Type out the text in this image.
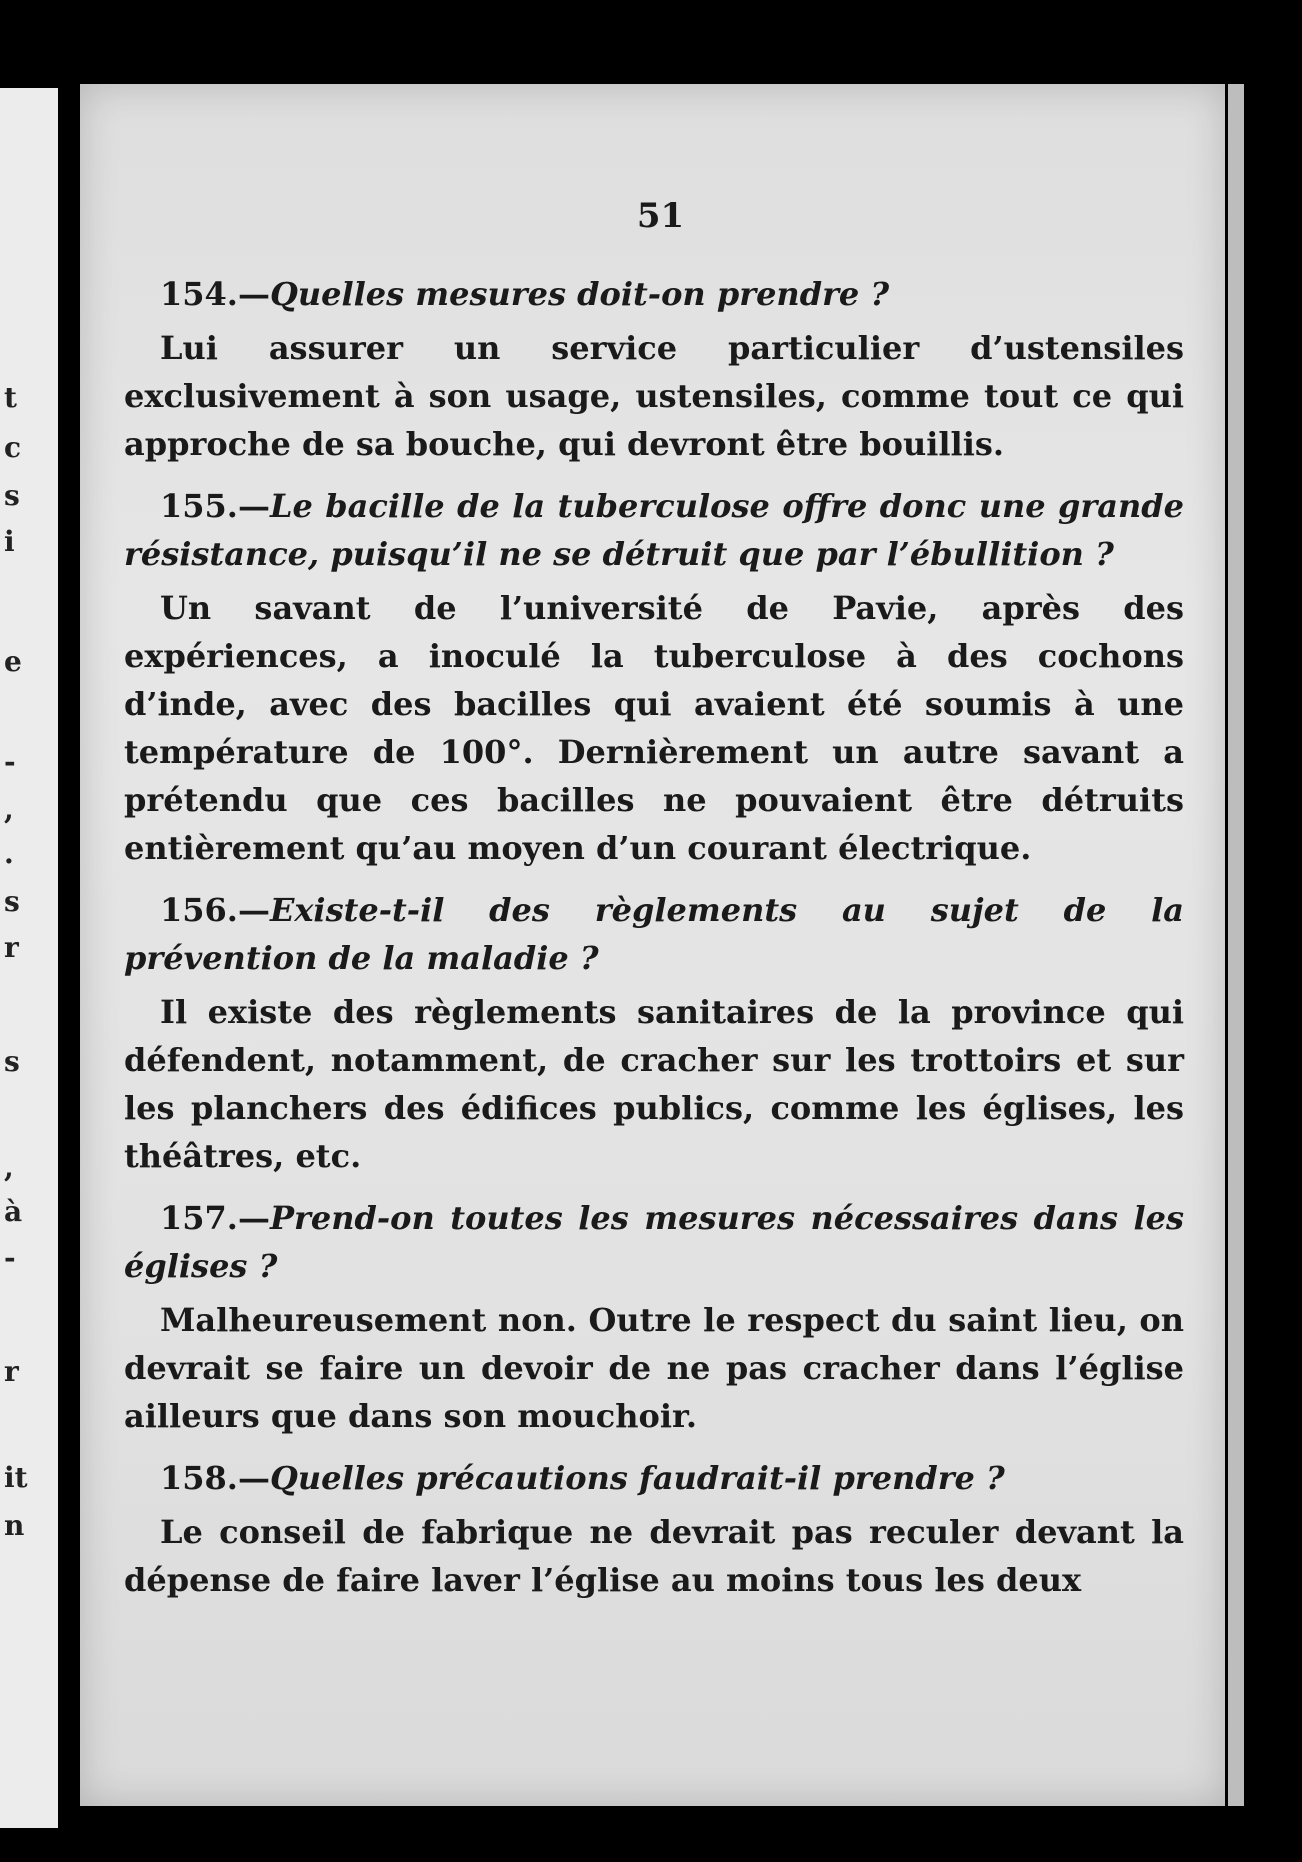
t
c
s
i
e
-
,
.
s
r
s
,
à
-
r
it
n
51

154.—Quelles mesures doit-on prendre ?

Lui assurer un service particulier d’ustensiles exclusivement à son usage, ustensiles, comme tout ce qui approche de sa bouche, qui devront être bouillis.

155.—Le bacille de la tuberculose offre donc une grande résistance, puisqu’il ne se détruit que par l’ébullition ?

Un savant de l’université de Pavie, après des expériences, a inoculé la tuberculose à des cochons d’inde, avec des bacilles qui avaient été soumis à une température de 100°. Dernièrement un autre savant a prétendu que ces bacilles ne pouvaient être détruits entièrement qu’au moyen d’un courant électrique.

156.—Existe-t-il des règlements au sujet de la prévention de la maladie ?

Il existe des règlements sanitaires de la province qui défendent, notamment, de cracher sur les trottoirs et sur les planchers des édifices publics, comme les églises, les théâtres, etc.

157.—Prend-on toutes les mesures nécessaires dans les églises ?

Malheureusement non. Outre le respect du saint lieu, on devrait se faire un devoir de ne pas cracher dans l’église ailleurs que dans son mouchoir.

158.—Quelles précautions faudrait-il prendre ?

Le conseil de fabrique ne devrait pas reculer devant la dépense de faire laver l’église au moins tous les deux
